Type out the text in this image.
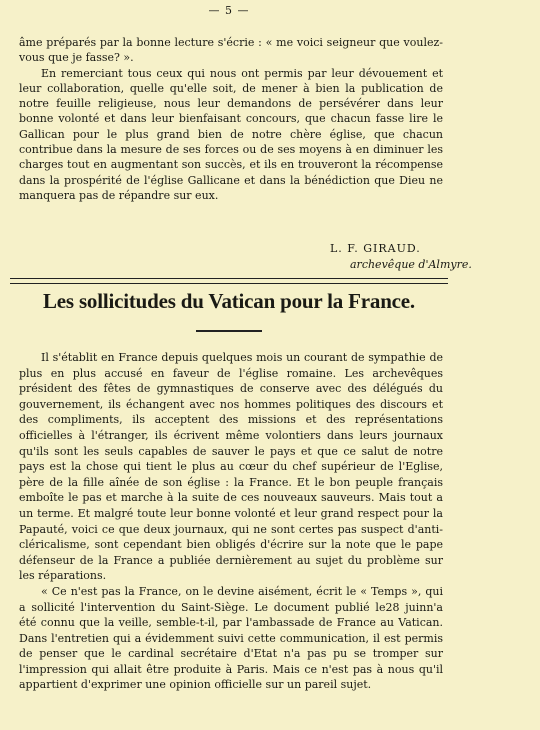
— 5 —

âme préparés par la bonne lecture s'écrie : « me voici seigneur que voulez-vous que je fasse? ».

En remerciant tous ceux qui nous ont permis par leur dévouement et leur collaboration, quelle qu'elle soit, de mener à bien la publication de notre feuille religieuse, nous leur demandons de persévérer dans leur bonne volonté et dans leur bienfaisant concours, que chacun fasse lire le Gallican pour le plus grand bien de notre chère église, que chacun contribue dans la mesure de ses forces ou de ses moyens à en diminuer les charges tout en augmentant son succès, et ils en trouveront la récompense dans la prospérité de l'église Gallicane et dans la bénédiction que Dieu ne manquera pas de répandre sur eux.

L. F. GIRAUD.
archevêque d'Almyre.
Les sollicitudes du Vatican pour la France.

Il s'établit en France depuis quelques mois un courant de sympathie de plus en plus accusé en faveur de l'église romaine. Les archevêques président des fêtes de gymnastiques de conserve avec des délégués du gouvernement, ils échangent avec nos hommes politiques des discours et des compliments, ils acceptent des missions et des représentations officielles à l'étranger, ils écrivent même volontiers dans leurs journaux qu'ils sont les seuls capables de sauver le pays et que ce salut de notre pays est la chose qui tient le plus au cœur du chef supérieur de l'Eglise, père de la fille aînée de son église : la France. Et le bon peuple français emboîte le pas et marche à la suite de ces nouveaux sauveurs. Mais tout a un terme. Et malgré toute leur bonne volonté et leur grand respect pour la Papauté, voici ce que deux journaux, qui ne sont certes pas suspect d'anti-cléricalisme, sont cependant bien obligés d'écrire sur la note que le pape défenseur de la France a publiée dernièrement au sujet du problème sur les réparations.

« Ce n'est pas la France, on le devine aisément, écrit le « Temps », qui a sollicité l'intervention du Saint-Siège. Le document publié le28 juinn'a été connu que la veille, semble-t-il, par l'ambassade de France au Vatican. Dans l'entretien qui a évidemment suivi cette communication, il est permis de penser que le cardinal secrétaire d'Etat n'a pas pu se tromper sur l'impression qui allait être produite à Paris. Mais ce n'est pas à nous qu'il appartient d'exprimer une opinion officielle sur un pareil sujet.
